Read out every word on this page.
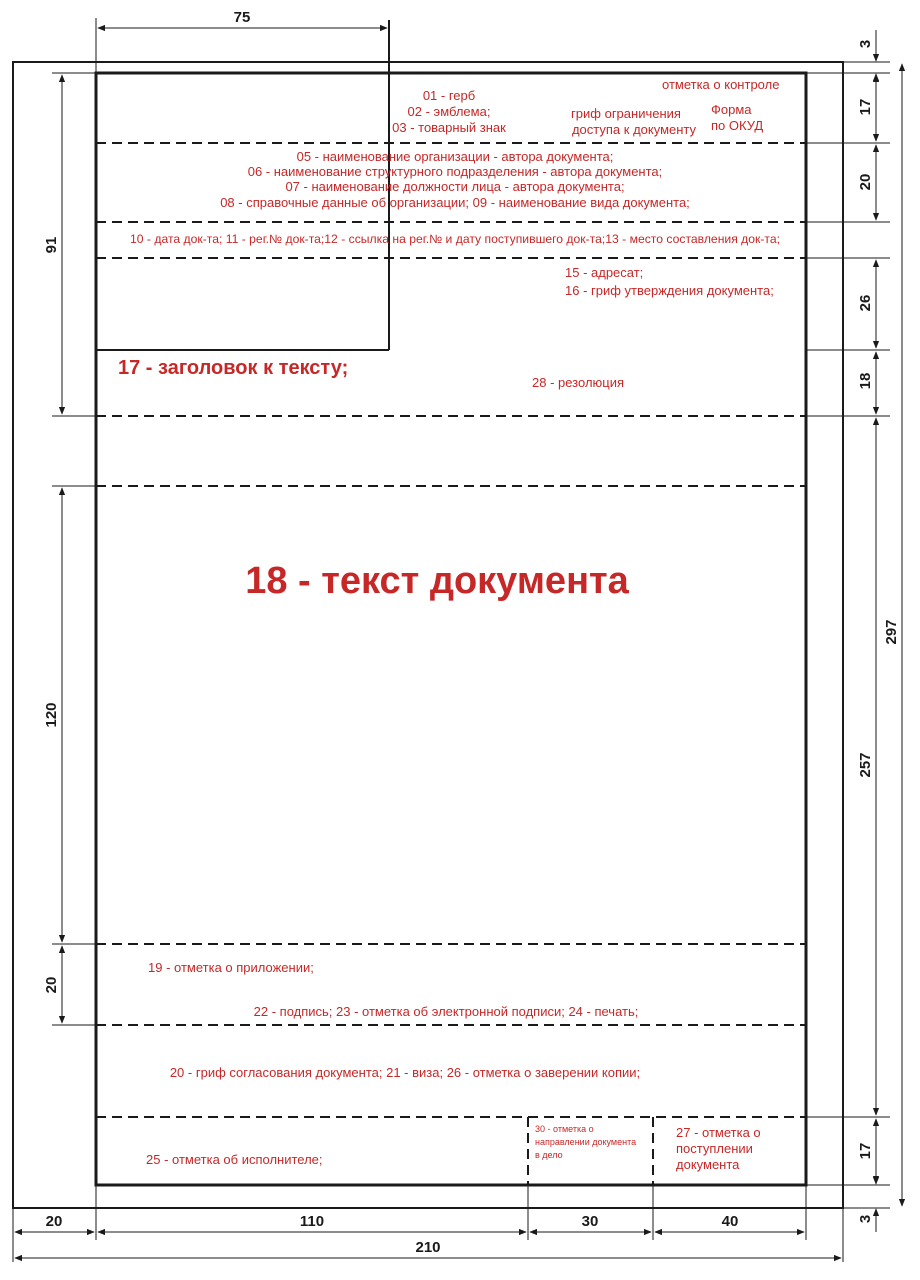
75
91
120
20
3
17
20
26
18
257
17
3
297
20	110	30	40
210
01 - герб
02 - эмблема;
03 - товарный знак
отметка о контроле
гриф ограничения
доступа к документу
Форма
по ОКУД
05 - наименование организации - автора документа;
06 - наименование структурного подразделения - автора документа;
07 - наименование должности лица - автора документа;
08 - справочные данные об организации; 09 - наименование вида документа;
10 - дата док-та; 11 - рег.№ док-та;12 - ссылка на рег.№ и дату поступившего док-та;13 - место составления док-та;
15 - адресат;
16 - гриф утверждения документа;
17 - заголовок к тексту;
28 - резолюция
18 - текст документа
19 - отметка о приложении;
22 - подпись; 23 - отметка об электронной подписи; 24 - печать;
20 - гриф согласования документа; 21 - виза; 26 - отметка о заверении копии;
25 - отметка об исполнителе;
30 - отметка о
направлении документа
в дело
27 - отметка о
поступлении
документа
